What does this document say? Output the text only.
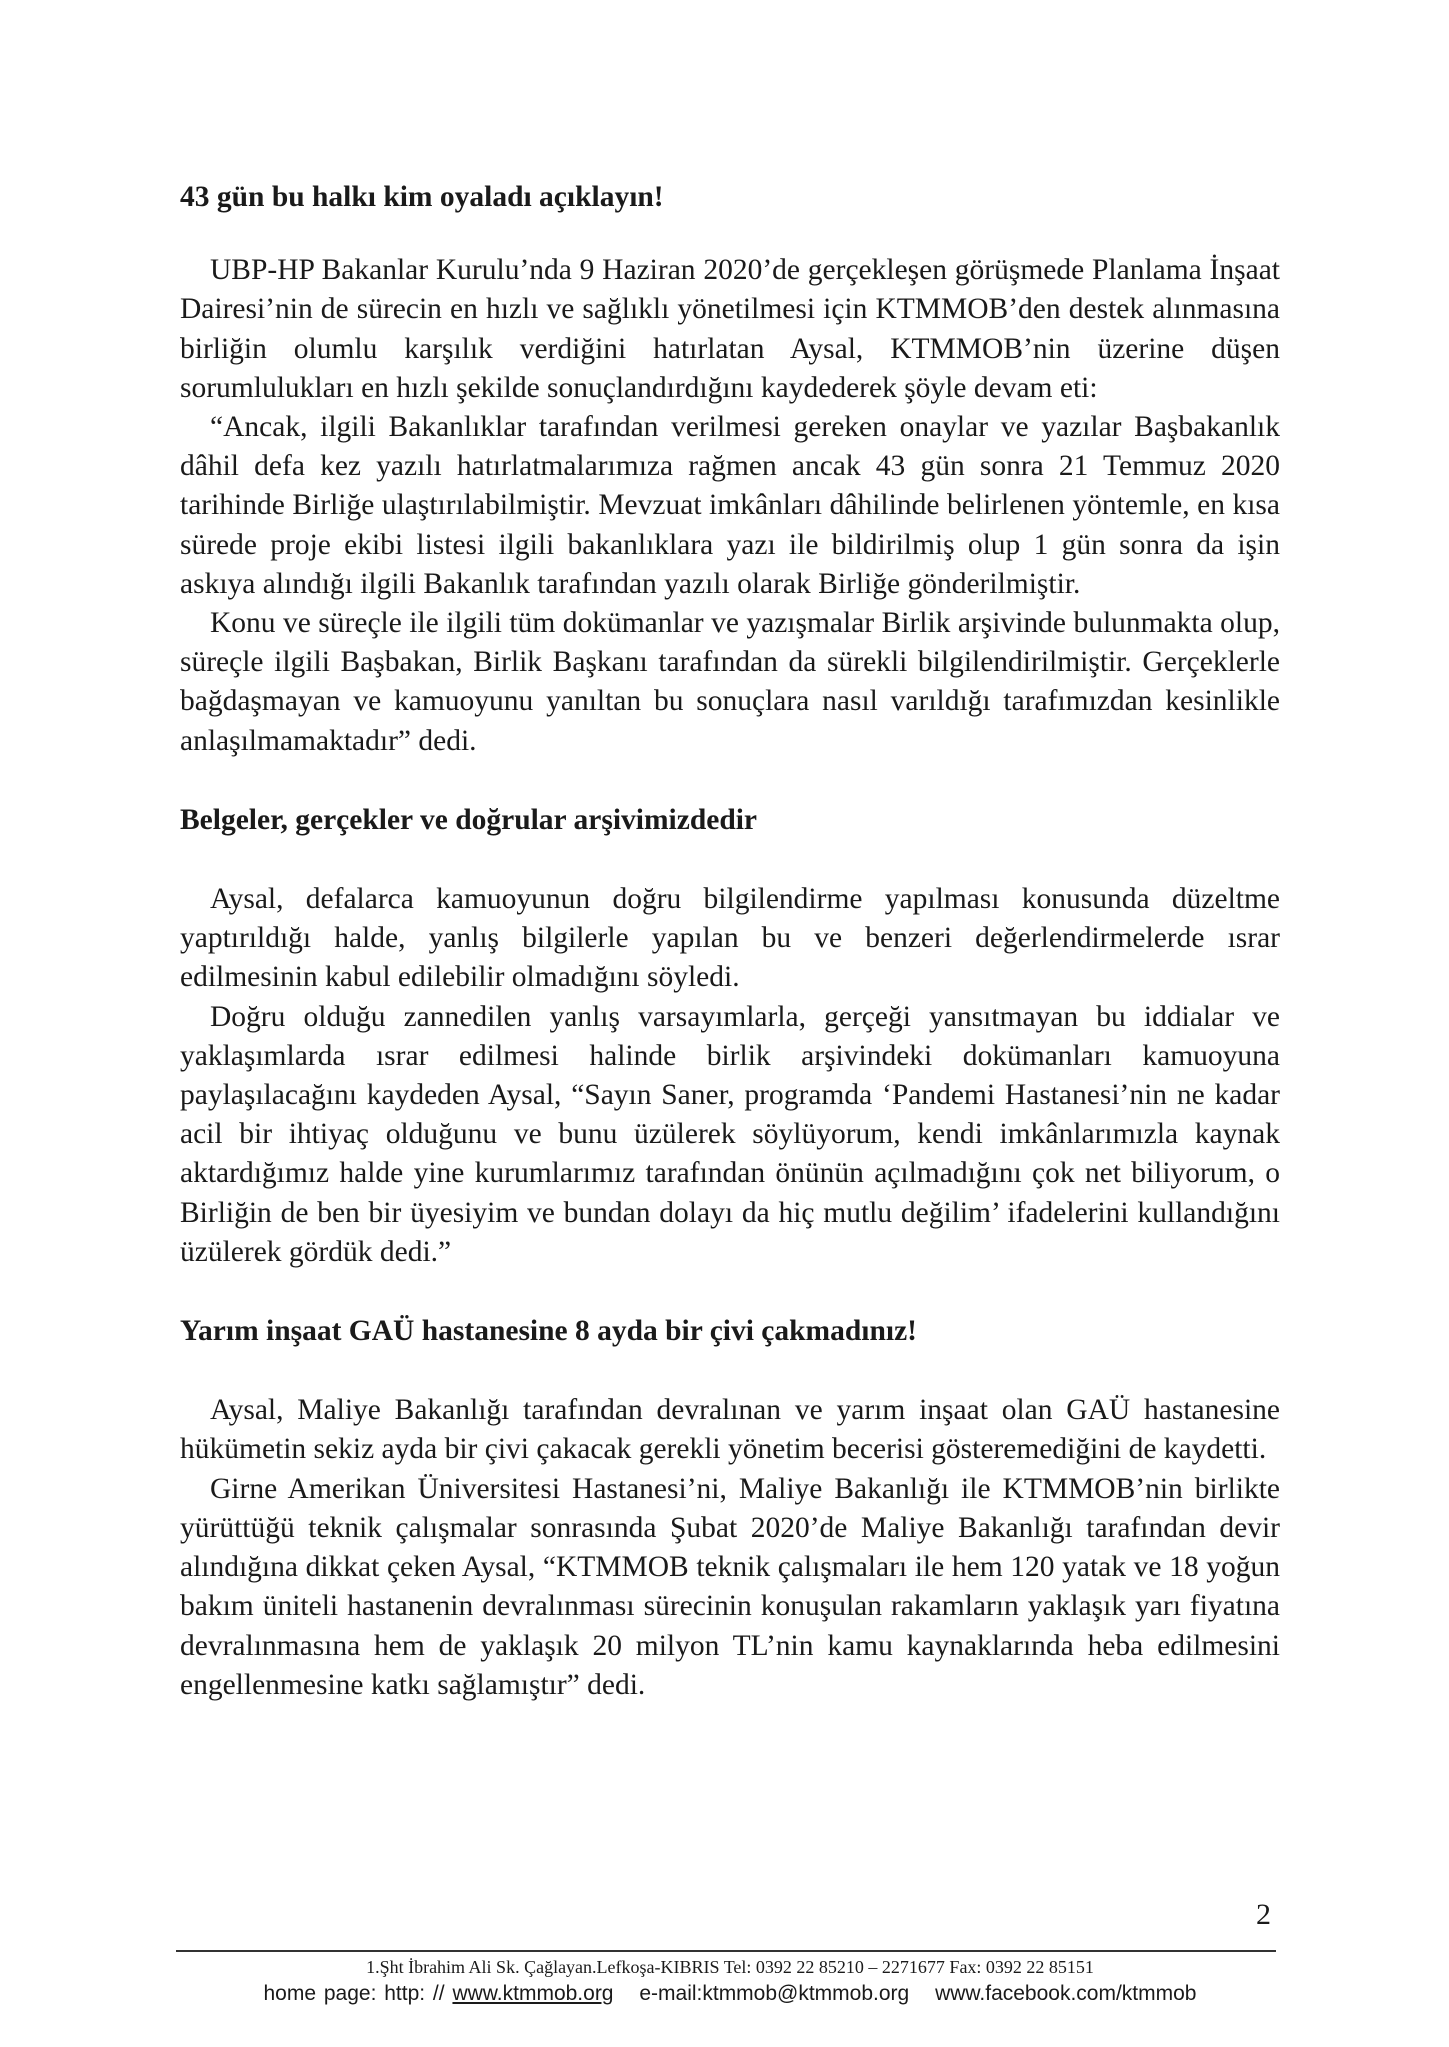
43 gün bu halkı kim oyaladı açıklayın!

UBP-HP Bakanlar Kurulu’nda 9 Haziran 2020’de gerçekleşen görüşmede Planlama İnşaat Dairesi’nin de sürecin en hızlı ve sağlıklı yönetilmesi için KTMMOB’den destek alınmasına birliğin olumlu karşılık verdiğini hatırlatan Aysal, KTMMOB’nin üzerine düşen sorumlulukları en hızlı şekilde sonuçlandırdığını kaydederek şöyle devam eti:

“Ancak, ilgili Bakanlıklar tarafından verilmesi gereken onaylar ve yazılar Başbakanlık dâhil defa kez yazılı hatırlatmalarımıza rağmen ancak 43 gün sonra 21 Temmuz 2020 tarihinde Birliğe ulaştırılabilmiştir. Mevzuat imkânları dâhilinde belirlenen yöntemle, en kısa sürede proje ekibi listesi ilgili bakanlıklara yazı ile bildirilmiş olup 1 gün sonra da işin askıya alındığı ilgili Bakanlık tarafından yazılı olarak Birliğe gönderilmiştir.

Konu ve süreçle ile ilgili tüm dokümanlar ve yazışmalar Birlik arşivinde bulunmakta olup, süreçle ilgili Başbakan, Birlik Başkanı tarafından da sürekli bilgilendirilmiştir. Gerçeklerle bağdaşmayan ve kamuoyunu yanıltan bu sonuçlara nasıl varıldığı tarafımızdan kesinlikle anlaşılmamaktadır” dedi.

Belgeler, gerçekler ve doğrular arşivimizdedir

Aysal, defalarca kamuoyunun doğru bilgilendirme yapılması konusunda düzeltme yaptırıldığı halde, yanlış bilgilerle yapılan bu ve benzeri değerlendirmelerde ısrar edilmesinin kabul edilebilir olmadığını söyledi.

Doğru olduğu zannedilen yanlış varsayımlarla, gerçeği yansıtmayan bu iddialar ve yaklaşımlarda ısrar edilmesi halinde birlik arşivindeki dokümanları kamuoyuna paylaşılacağını kaydeden Aysal, “Sayın Saner, programda ‘Pandemi Hastanesi’nin ne kadar acil bir ihtiyaç olduğunu ve bunu üzülerek söylüyorum, kendi imkânlarımızla kaynak aktardığımız halde yine kurumlarımız tarafından önünün açılmadığını çok net biliyorum, o Birliğin de ben bir üyesiyim ve bundan dolayı da hiç mutlu değilim’ ifadelerini kullandığını üzülerek gördük dedi.”

Yarım inşaat GAÜ hastanesine 8 ayda bir çivi çakmadınız!

Aysal, Maliye Bakanlığı tarafından devralınan ve yarım inşaat olan GAÜ hastanesine hükümetin sekiz ayda bir çivi çakacak gerekli yönetim becerisi gösteremediğini de kaydetti.

Girne Amerikan Üniversitesi Hastanesi’ni, Maliye Bakanlığı ile KTMMOB’nin birlikte yürüttüğü teknik çalışmalar sonrasında Şubat 2020’de Maliye Bakanlığı tarafından devir alındığına dikkat çeken Aysal, “KTMMOB teknik çalışmaları ile hem 120 yatak ve 18 yoğun bakım üniteli hastanenin devralınması sürecinin konuşulan rakamların yaklaşık yarı fiyatına devralınmasına hem de yaklaşık 20 milyon TL’nin kamu kaynaklarında heba edilmesini engellenmesine katkı sağlamıştır” dedi.

2
1.Şht İbrahim Ali Sk. Çağlayan.Lefkoşa-KIBRIS Tel: 0392 22 85210 – 2271677 Fax: 0392 22 85151
home page: http: // www.ktmmob.org e-mail:ktmmob@ktmmob.org www.facebook.com/ktmmob
